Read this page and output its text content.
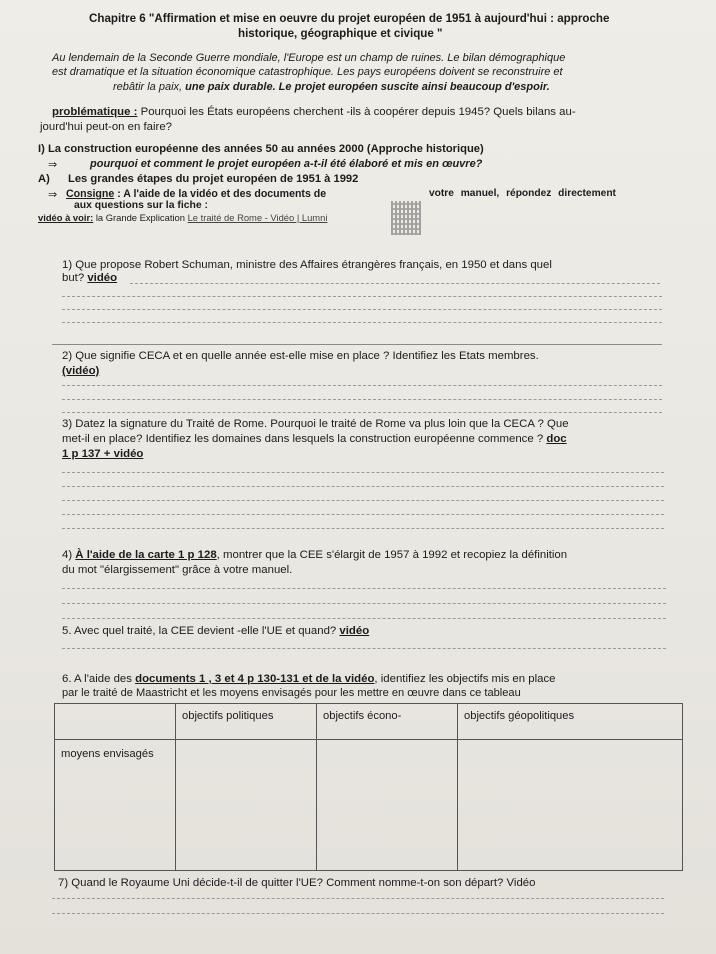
Chapitre 6 "Affirmation et mise en oeuvre du projet européen de 1951 à aujourd'hui : approche
historique, géographique et civique "
Au lendemain de la Seconde Guerre mondiale, l'Europe est un champ de ruines. Le bilan démographique
est dramatique et la situation économique catastrophique. Les pays européens doivent se reconstruire et
rebâtir la paix, une paix durable. Le projet européen suscite ainsi beaucoup d'espoir.
problématique : Pourquoi les États européens cherchent -ils à coopérer depuis 1945? Quels bilans au-
jourd'hui peut-on en faire?
I) La construction européenne des années 50 au années 2000 (Approche historique)
⇒	pourquoi et comment le projet européen a-t-il été élaboré et mis en œuvre?
A) Les grandes étapes du projet européen de 1951 à 1992
⇒ Consigne : A l'aide de la vidéo et des documents de	votre manuel, répondez directement
aux questions sur la fiche :
vidéo à voir: la Grande Explication Le traité de Rome - Vidéo | Lumni
1) Que propose Robert Schuman, ministre des Affaires étrangères français, en 1950 et dans quel
but? vidéo
2) Que signifie CECA et en quelle année est-elle mise en place ? Identifiez les Etats membres.
(vidéo)
3) Datez la signature du Traité de Rome. Pourquoi le traité de Rome va plus loin que la CECA ? Que
met-il en place? Identifiez les domaines dans lesquels la construction européenne commence ? doc
1 p 137 + vidéo
4) À l'aide de la carte 1 p 128, montrer que la CEE s'élargit de 1957 à 1992 et recopiez la définition
du mot "élargissement" grâce à votre manuel.
5. Avec quel traité, la CEE devient -elle l'UE et quand? vidéo
6. A l'aide des documents 1 , 3 et 4 p 130-131 et de la vidéo, identifiez les objectifs mis en place
par le traité de Maastricht et les moyens envisagés pour les mettre en œuvre dans ce tableau
	objectifs politiques	objectifs écono-	objectifs géopolitiques
moyens envisagés			
7) Quand le Royaume Uni décide-t-il de quitter l'UE? Comment nomme-t-on son départ? Vidéo
